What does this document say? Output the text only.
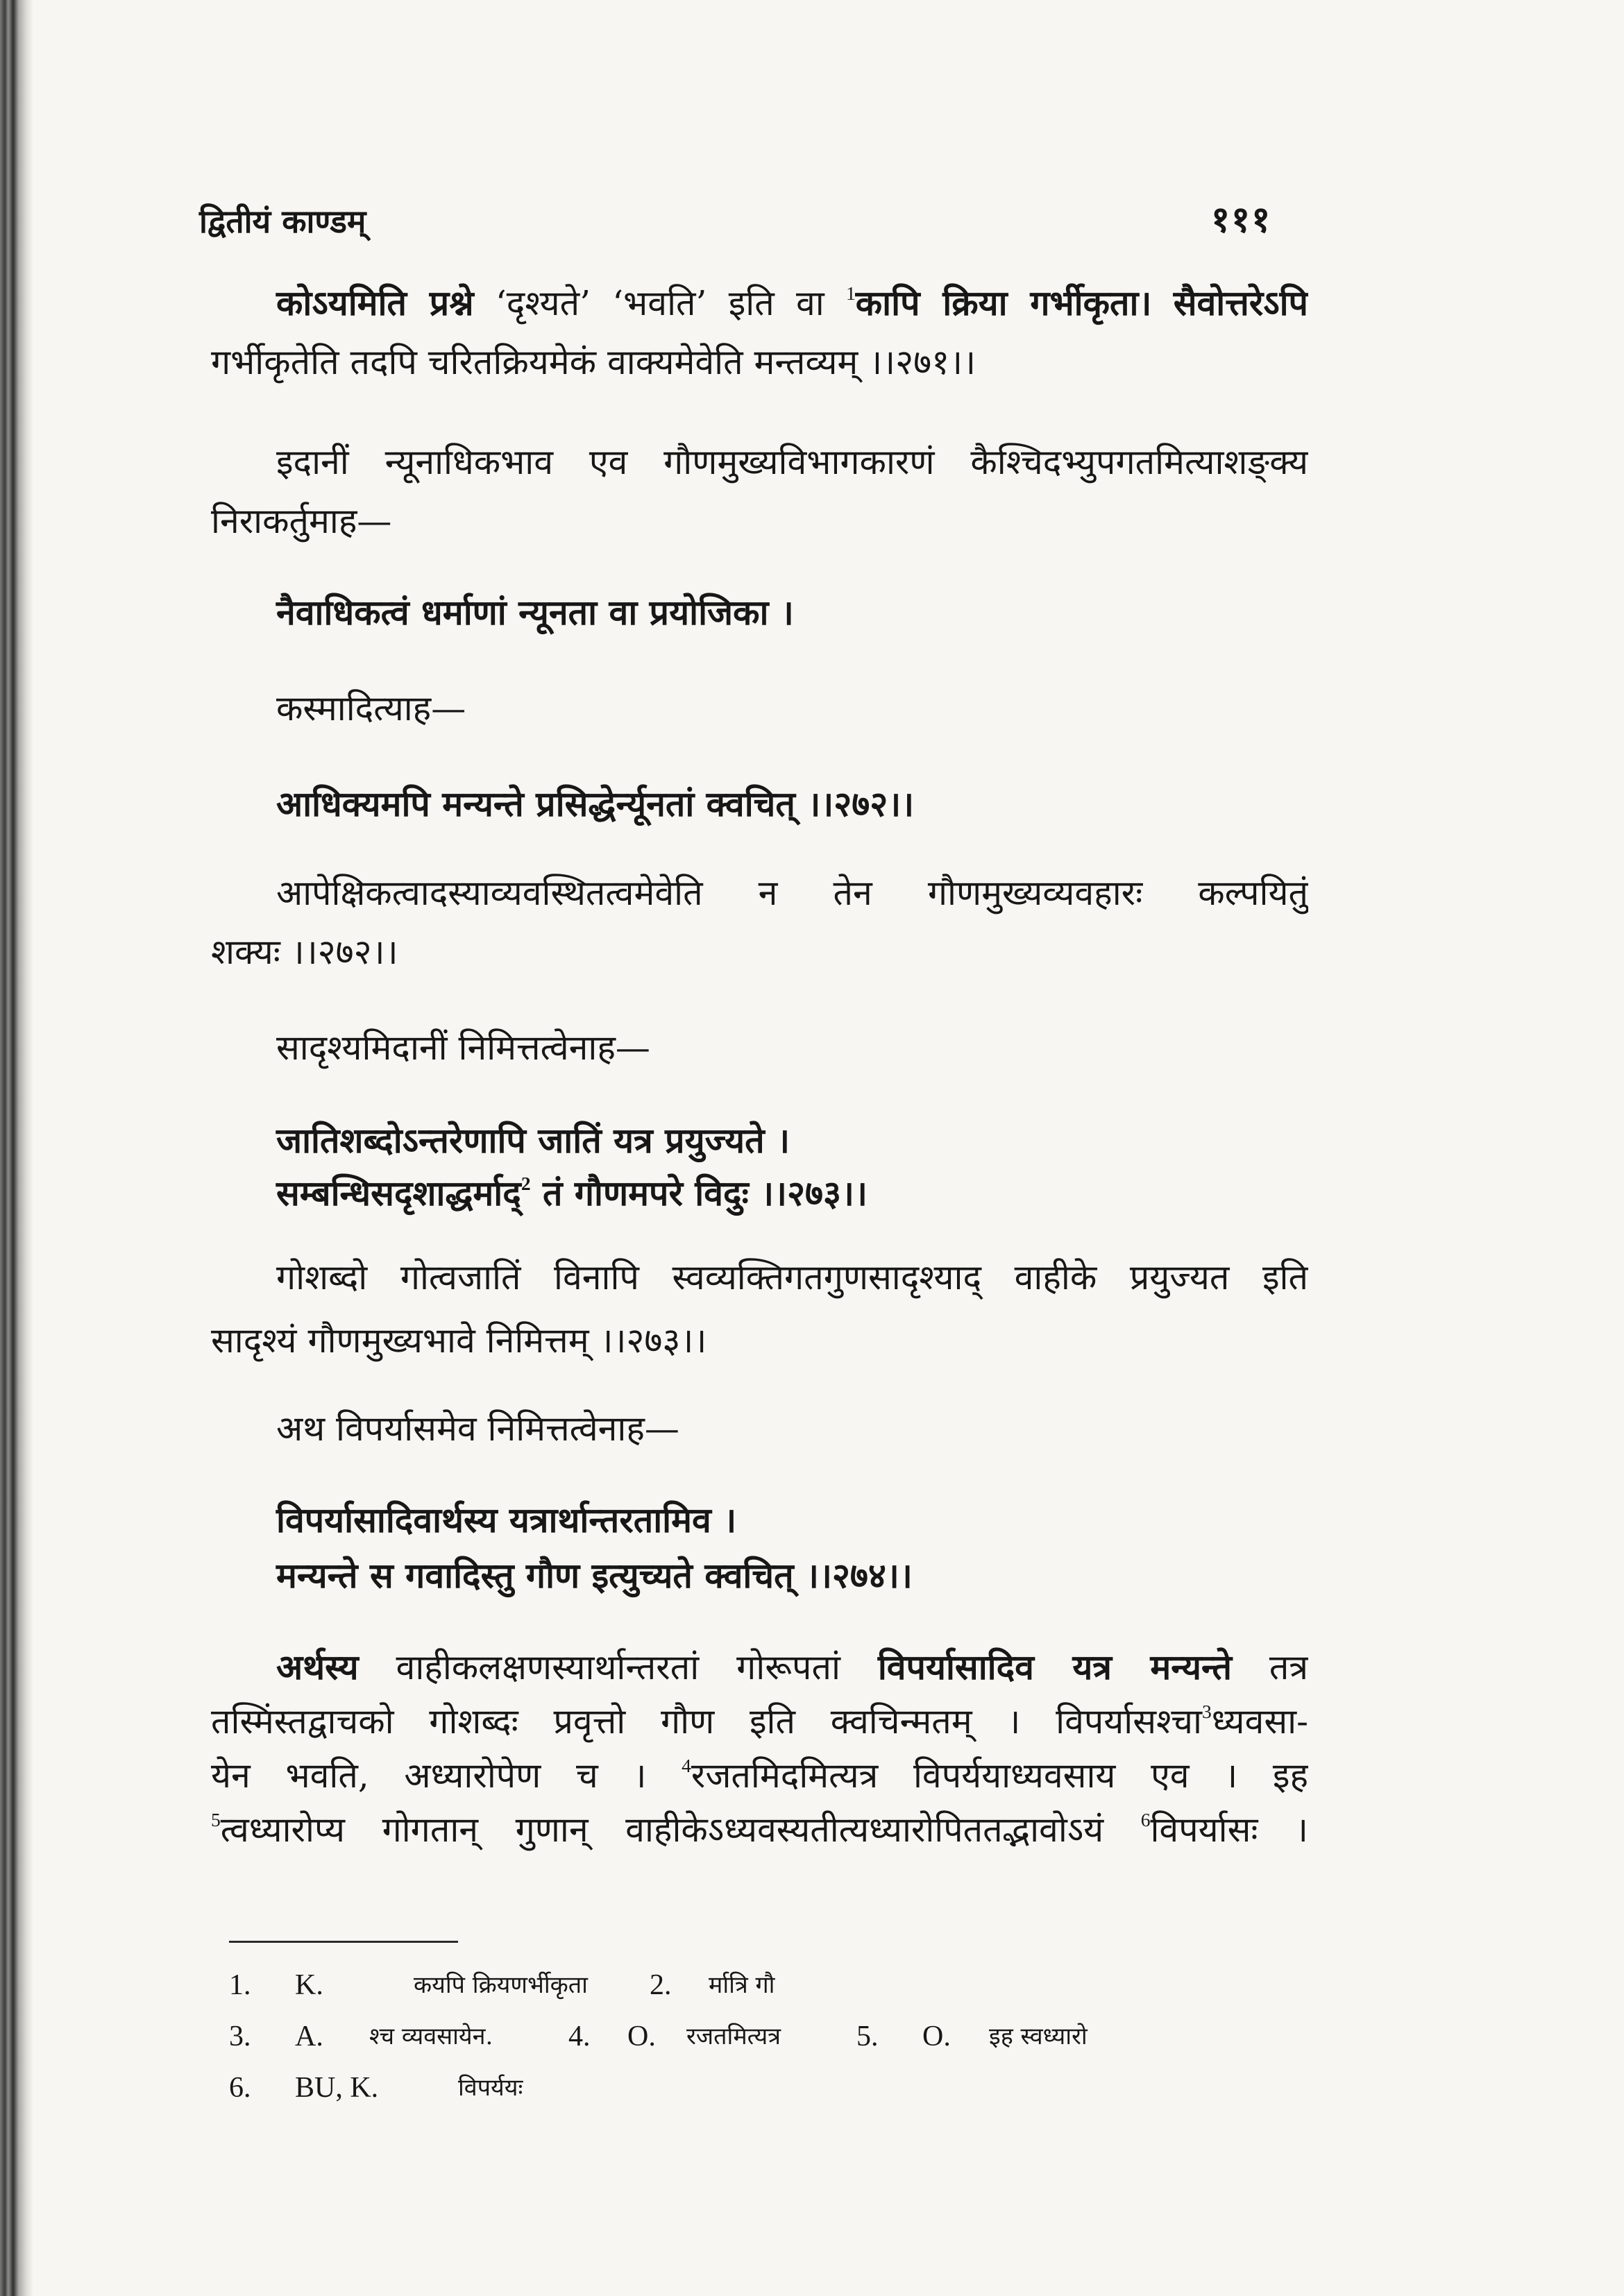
द्वितीयं काण्डम्	१११
कोऽयमिति प्रश्ने ‘दृश्यते’ ‘भवति’ इति वा $^1$कापि क्रिया गर्भीकृता। सैवोत्तरेऽपि
गर्भीकृतेति तदपि चरितक्रियमेकं वाक्यमेवेति मन्तव्यम् ।।२७१।।
इदानीं न्यूनाधिकभाव एव गौणमुख्यविभागकारणं कैश्चिदभ्युपगतमित्याशङ्क्य
निराकर्तुमाह—
नैवाधिकत्वं धर्माणां न्यूनता वा प्रयोजिका ।
कस्मादित्याह—
आधिक्यमपि मन्यन्ते प्रसिद्धेर्न्यूनतां क्वचित् ।।२७२।।
आपेक्षिकत्वादस्याव्यवस्थितत्वमेवेति न तेन गौणमुख्यव्यवहारः कल्पयितुं
शक्यः ।।२७२।।
सादृश्यमिदानीं निमित्तत्वेनाह—
जातिशब्दोऽन्तरेणापि जातिं यत्र प्रयुज्यते ।
सम्बन्धिसदृशाद्धर्माद्$^2$ तं गौणमपरे विदुः ।।२७३।।
गोशब्दो गोत्वजातिं विनापि स्वव्यक्तिगतगुणसादृश्याद् वाहीके प्रयुज्यत इति
सादृश्यं गौणमुख्यभावे निमित्तम् ।।२७३।।
अथ विपर्यासमेव निमित्तत्वेनाह—
विपर्यासादिवार्थस्य यत्रार्थान्तरतामिव ।
मन्यन्ते स गवादिस्तु गौण इत्युच्यते क्वचित् ।।२७४।।
अर्थस्य वाहीकलक्षणस्यार्थान्तरतां गोरूपतां विपर्यासादिव यत्र मन्यन्ते तत्र
तस्मिंस्तद्वाचको गोशब्दः प्रवृत्तो गौण इति क्वचिन्मतम् । विपर्यासश्चा$^3$ध्यवसा-
येन भवति, अध्यारोपेण च । $^4$रजतमिदमित्यत्र विपर्ययाध्यवसाय एव । इह
$^5$त्वध्यारोप्य गोगतान् गुणान् वाहीकेऽध्यवस्यतीत्यध्यारोपिततद्भावोऽयं $^6$विपर्यासः ।
1. K.	कयपि क्रियणर्भीकृता 2. र्मात्रि गौ
3. A. श्च व्यवसायेन.	4. O. रजतमित्यत्र	5. O. इह स्वध्यारो
6. BU, K.	विपर्ययः
